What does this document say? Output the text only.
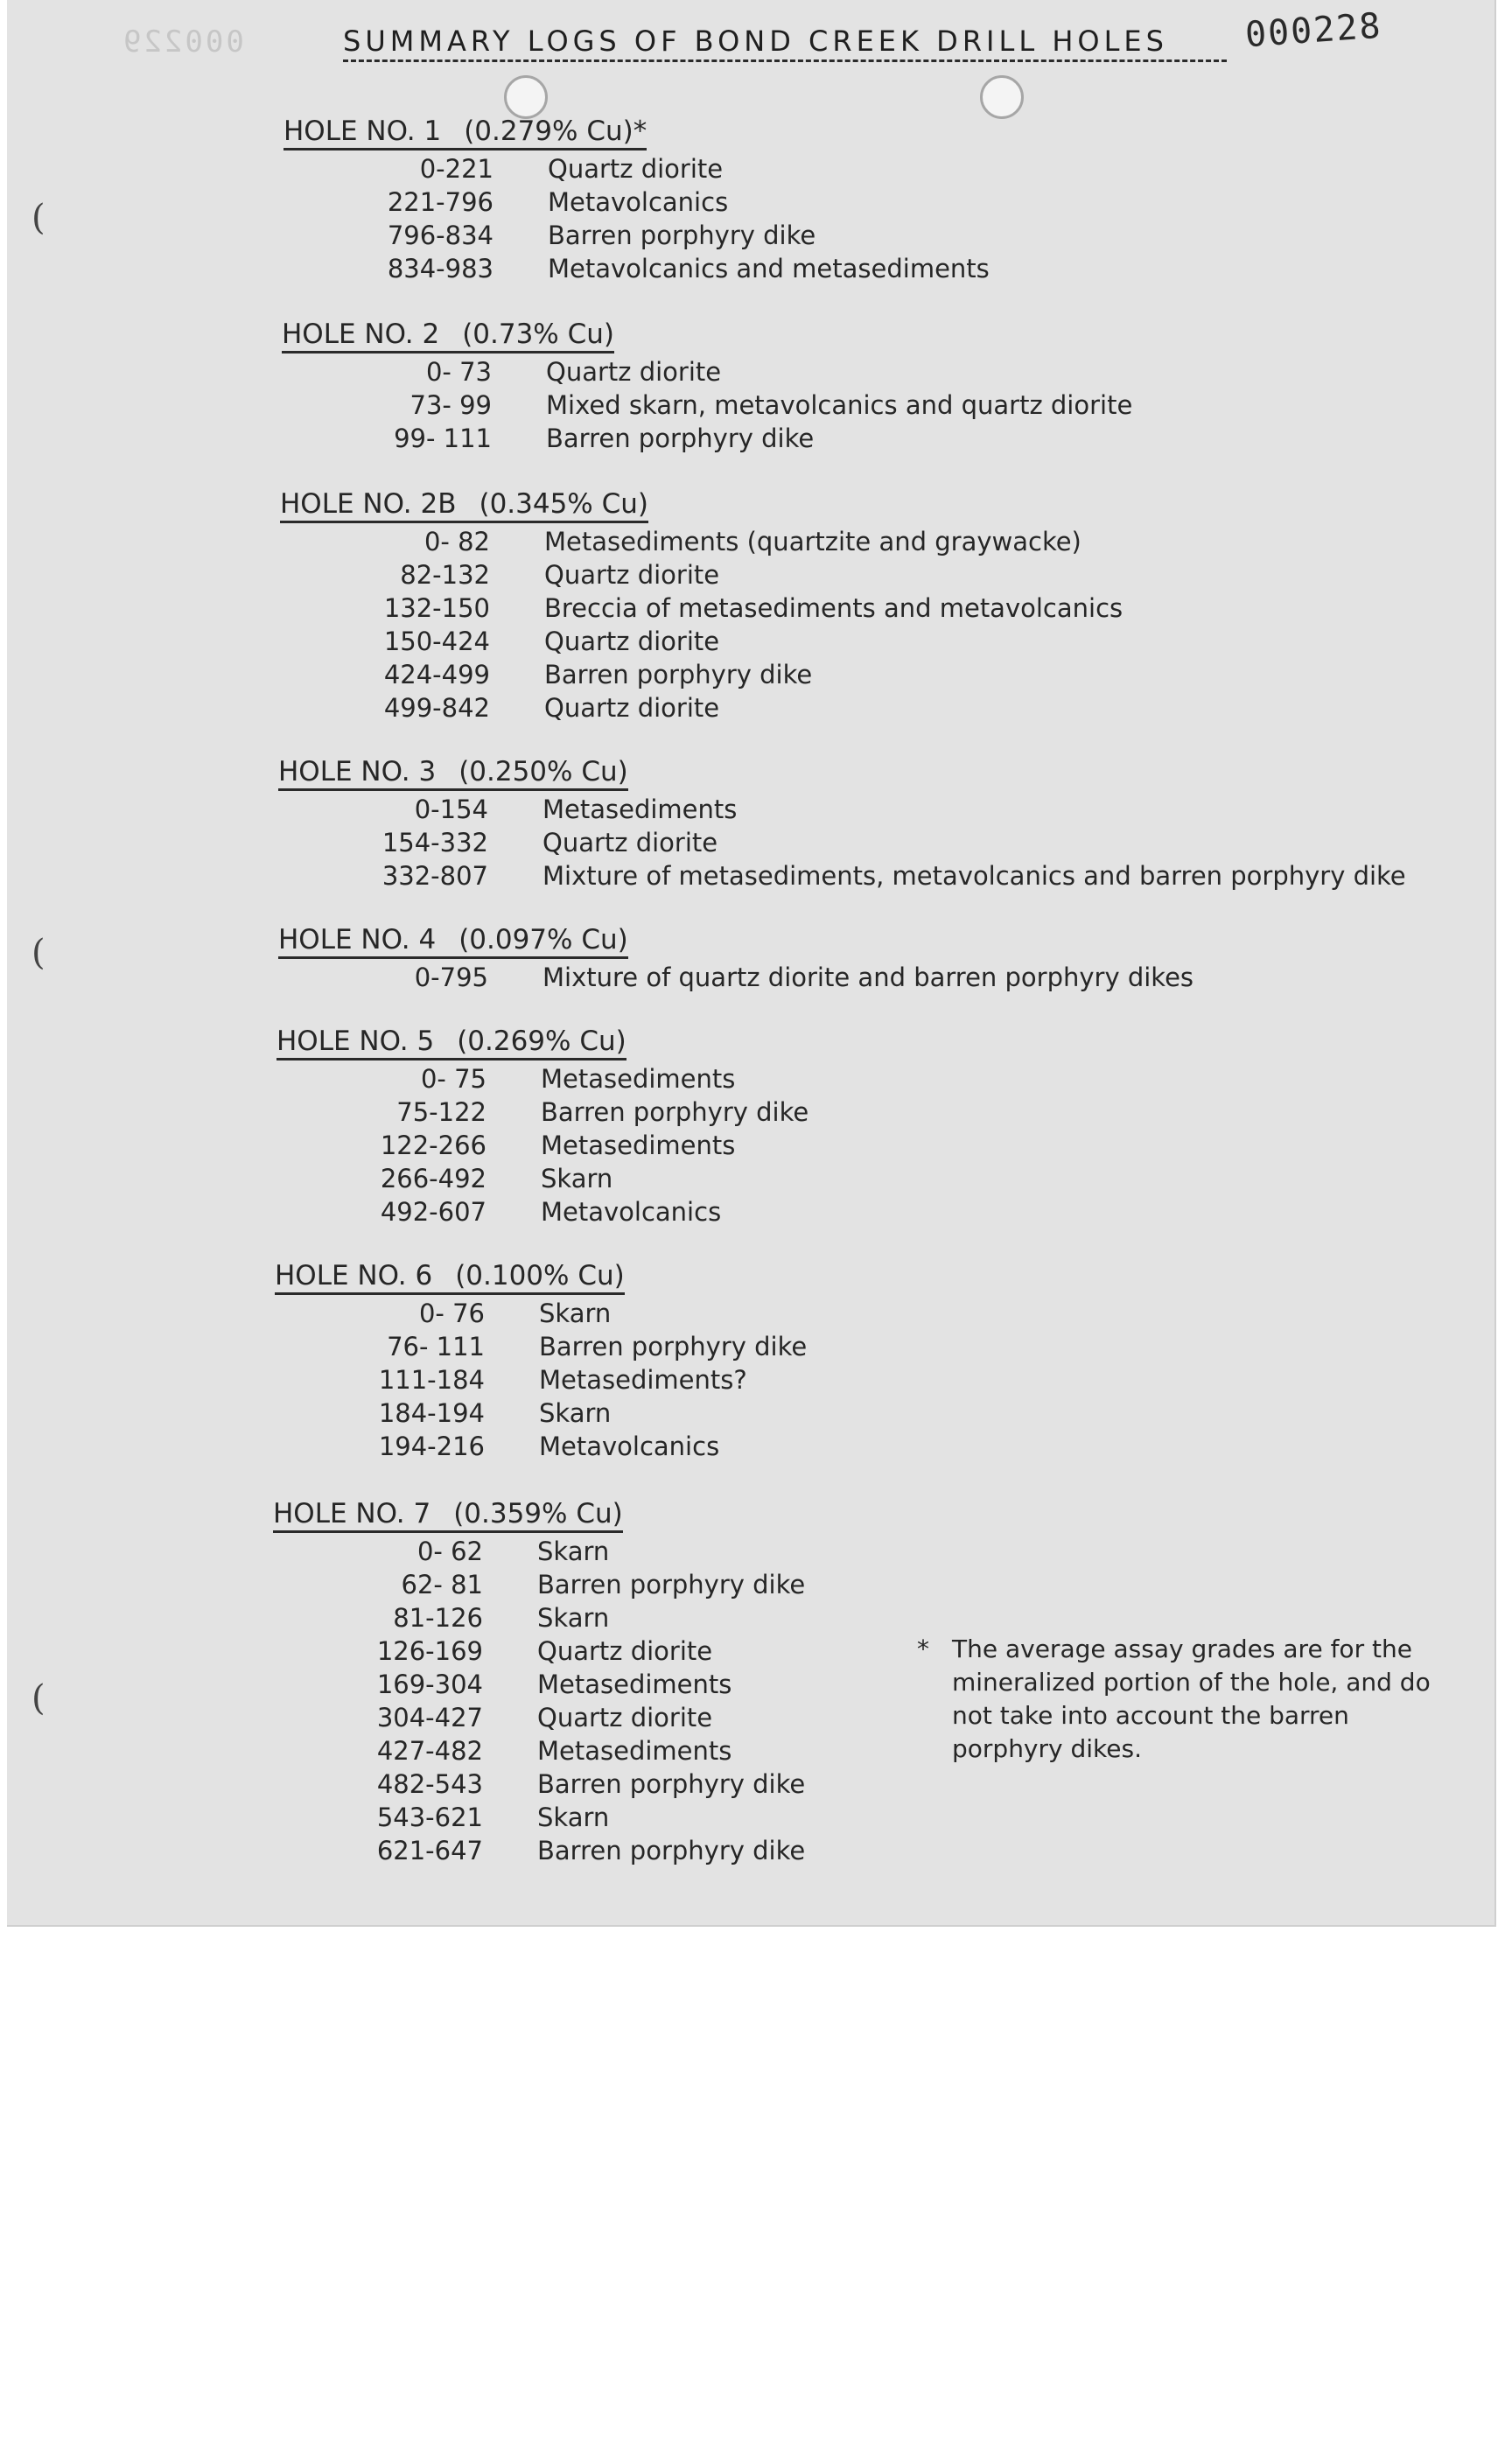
000229	000228
SUMMARY LOGS OF BOND CREEK DRILL HOLES
(
(
(
HOLE NO. 1 (0.279% Cu)*
0-221 Quartz diorite
221-796 Metavolcanics
796-834 Barren porphyry dike
834-983 Metavolcanics and metasediments
HOLE NO. 2 (0.73% Cu)
0- 73 Quartz diorite
73- 99 Mixed skarn, metavolcanics and quartz diorite
99- 111 Barren porphyry dike
HOLE NO. 2B (0.345% Cu)
0- 82 Metasediments (quartzite and graywacke)
82-132 Quartz diorite
132-150 Breccia of metasediments and metavolcanics
150-424 Quartz diorite
424-499 Barren porphyry dike
499-842 Quartz diorite
HOLE NO. 3 (0.250% Cu)
0-154 Metasediments
154-332 Quartz diorite
332-807 Mixture of metasediments, metavolcanics and barren porphyry dike
HOLE NO. 4 (0.097% Cu)
0-795 Mixture of quartz diorite and barren porphyry dikes
HOLE NO. 5 (0.269% Cu)
0- 75 Metasediments
75-122 Barren porphyry dike
122-266 Metasediments
266-492 Skarn
492-607 Metavolcanics
HOLE NO. 6 (0.100% Cu)
0- 76 Skarn
76- 111 Barren porphyry dike
111-184 Metasediments?
184-194 Skarn
194-216 Metavolcanics
HOLE NO. 7 (0.359% Cu)
0- 62 Skarn
62- 81 Barren porphyry dike
81-126 Skarn
126-169 Quartz diorite
169-304 Metasediments
304-427 Quartz diorite
427-482 Metasediments
482-543 Barren porphyry dike
543-621 Skarn
621-647 Barren porphyry dike
* The average assay grades are for the mineralized portion of the hole, and do not take into account the barren porphyry dikes.
